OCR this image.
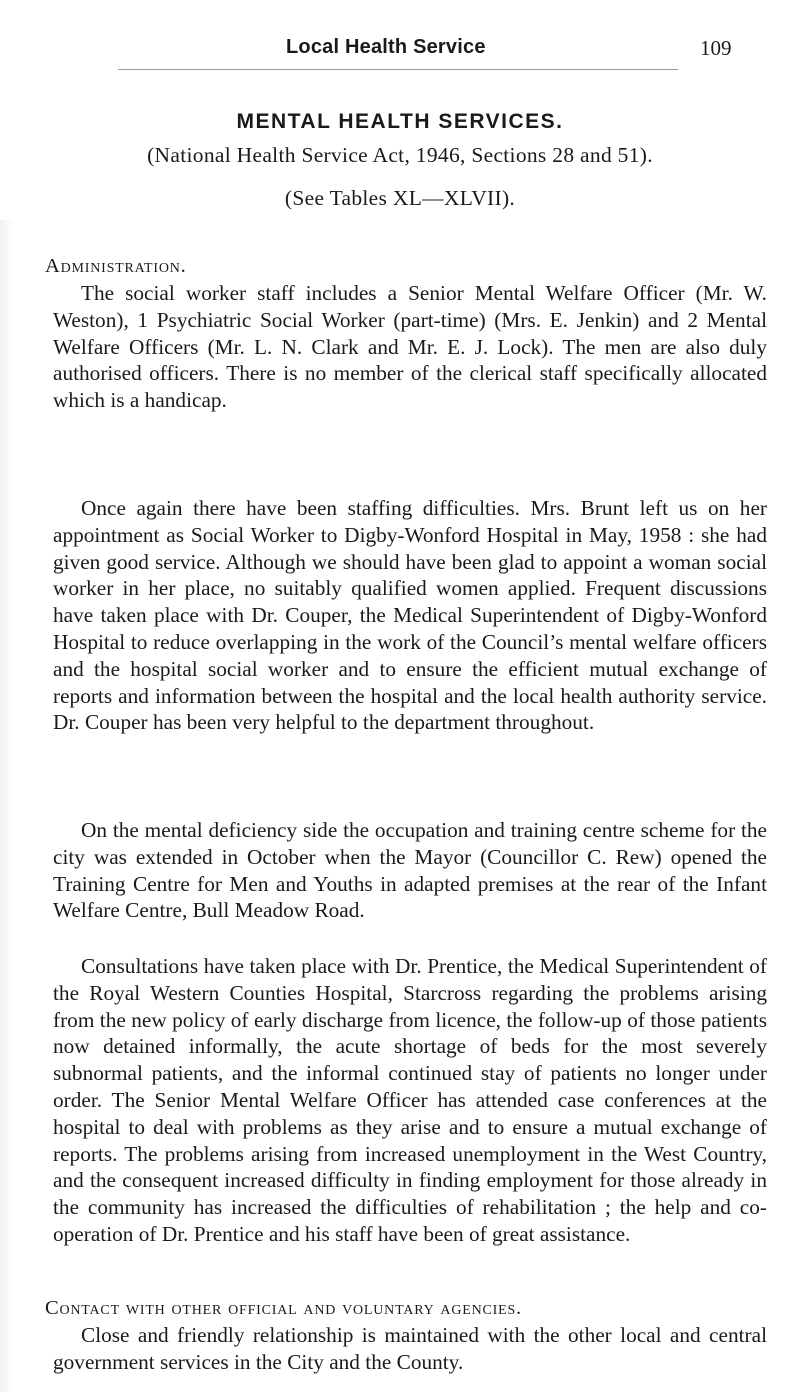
Local Health Service	109
MENTAL HEALTH SERVICES.
(National Health Service Act, 1946, Sections 28 and 51).
(See Tables XL—XLVII).
Administration.

The social worker staff includes a Senior Mental Welfare Officer (Mr. W. Weston), 1 Psychiatric Social Worker (part-time) (Mrs. E. Jenkin) and 2 Mental Welfare Officers (Mr. L. N. Clark and Mr. E. J. Lock). The men are also duly authorised officers. There is no member of the clerical staff specifically allocated which is a handicap.

Once again there have been staffing difficulties. Mrs. Brunt left us on her appointment as Social Worker to Digby-Wonford Hospital in May, 1958 : she had given good service. Although we should have been glad to appoint a woman social worker in her place, no suitably qualified women applied. Frequent discussions have taken place with Dr. Couper, the Medical Superintendent of Digby-Wonford Hospital to reduce overlapping in the work of the Council’s mental welfare officers and the hospital social worker and to ensure the efficient mutual exchange of reports and information between the hospital and the local health authority service. Dr. Couper has been very helpful to the department throughout.

On the mental deficiency side the occupation and training centre scheme for the city was extended in October when the Mayor (Councillor C. Rew) opened the Training Centre for Men and Youths in adapted premises at the rear of the Infant Welfare Centre, Bull Meadow Road.

Consultations have taken place with Dr. Prentice, the Medical Superintendent of the Royal Western Counties Hospital, Starcross regarding the problems arising from the new policy of early discharge from licence, the follow-up of those patients now detained informally, the acute shortage of beds for the most severely subnormal patients, and the informal continued stay of patients no longer under order. The Senior Mental Welfare Officer has attended case conferences at the hospital to deal with problems as they arise and to ensure a mutual exchange of reports. The problems arising from increased unemployment in the West Country, and the consequent increased difficulty in finding employment for those already in the community has increased the difficulties of rehabilitation ; the help and co-operation of Dr. Prentice and his staff have been of great assistance.

Contact with other official and voluntary agencies.

Close and friendly relationship is maintained with the other local and central government services in the City and the County.
